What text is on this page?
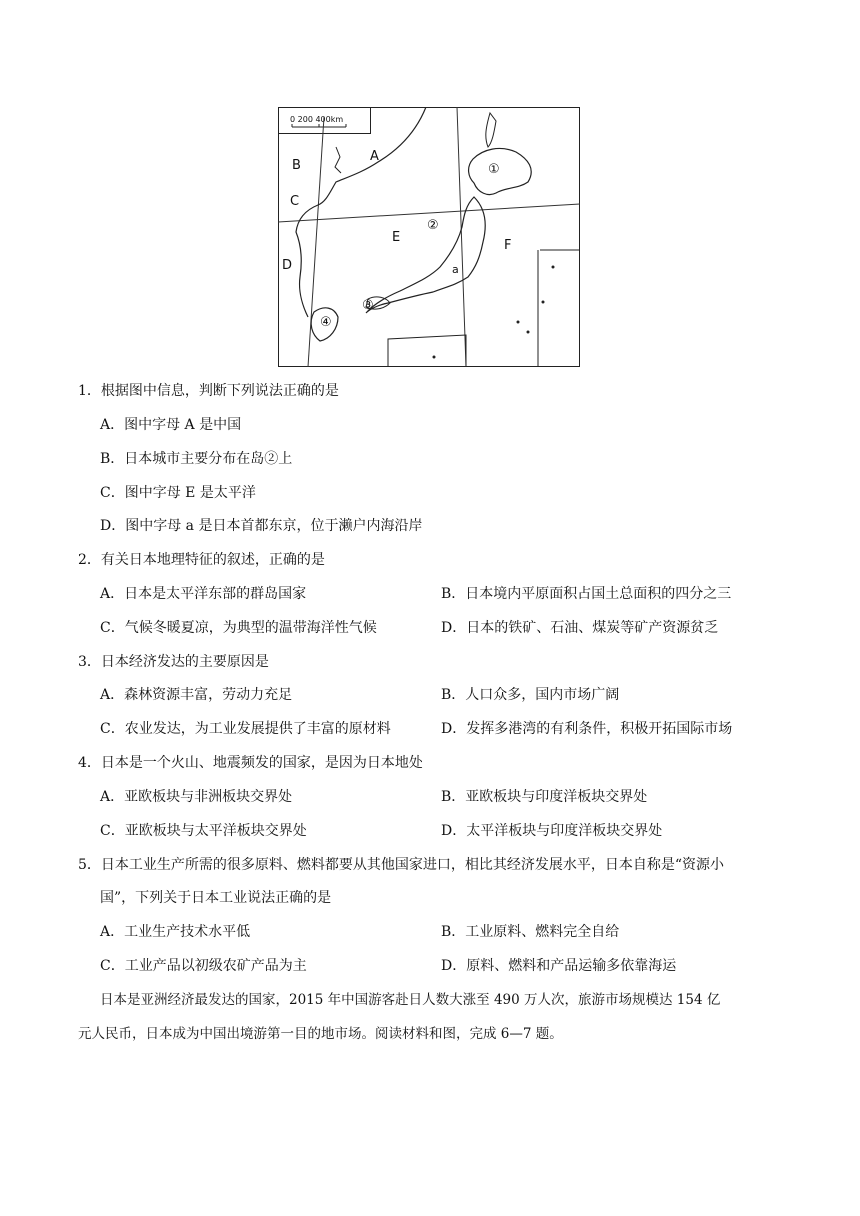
0 200 400km
A
B
C
D
E
F
a
①
②
③
④
1．根据图中信息，判断下列说法正确的是
A．图中字母 A 是中国
B．日本城市主要分布在岛②上
C．图中字母 E 是太平洋
D．图中字母 a 是日本首都东京，位于濑户内海沿岸
2．有关日本地理特征的叙述，正确的是
A．日本是太平洋东部的群岛国家	B．日本境内平原面积占国土总面积的四分之三
C．气候冬暖夏凉，为典型的温带海洋性气候	D．日本的铁矿、石油、煤炭等矿产资源贫乏
3．日本经济发达的主要原因是
A．森林资源丰富，劳动力充足	B．人口众多，国内市场广阔
C．农业发达，为工业发展提供了丰富的原材料	D．发挥多港湾的有利条件，积极开拓国际市场
4．日本是一个火山、地震频发的国家，是因为日本地处
A．亚欧板块与非洲板块交界处	B．亚欧板块与印度洋板块交界处
C．亚欧板块与太平洋板块交界处	D．太平洋板块与印度洋板块交界处
5．日本工业生产所需的很多原料、燃料都要从其他国家进口，相比其经济发展水平，日本自称是“资源小
国”，下列关于日本工业说法正确的是
A．工业生产技术水平低	B．工业原料、燃料完全自给
C．工业产品以初级农矿产品为主	D．原料、燃料和产品运输多依靠海运
日本是亚洲经济最发达的国家，2015 年中国游客赴日人数大涨至 490 万人次，旅游市场规模达 154 亿
元人民币，日本成为中国出境游第一目的地市场。阅读材料和图，完成 6—7 题。
